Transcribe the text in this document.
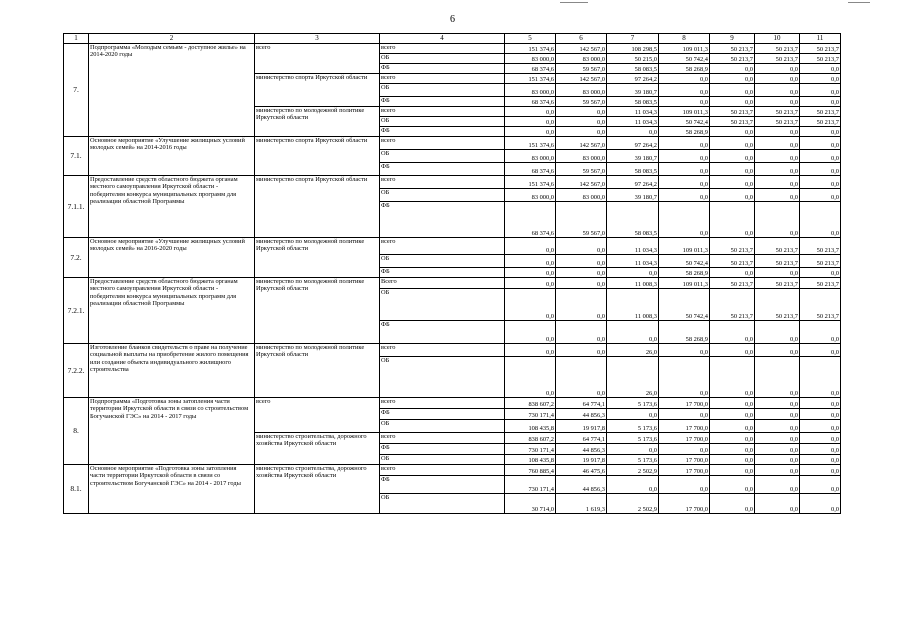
6
1	2	3	4	5	6	7	8	9	10	11
7.	Подпрограмма «Молодым семьям - доступное жилье» на 2014-2020 годы	всего	всего	151 374,6	142 567,0	108 298,5	109 011,3	50 213,7	50 213,7	50 213,7
			ОБ	83 000,0	83 000,0	50 215,0	50 742,4	50 213,7	50 213,7	50 213,7
			ФБ	68 374,6	59 567,0	58 083,5	58 268,9	0,0	0,0	0,0
		министерство спорта Иркутской области	всего	151 374,6	142 567,0	97 264,2	0,0	0,0	0,0	0,0
			ОБ	83 000,0	83 000,0	39 180,7	0,0	0,0	0,0	0,0
			ФБ	68 374,6	59 567,0	58 083,5	0,0	0,0	0,0	0,0
		министерство по молодежной политике Иркутской области	всего	0,0	0,0	11 034,3	109 011,3	50 213,7	50 213,7	50 213,7
			ОБ	0,0	0,0	11 034,3	50 742,4	50 213,7	50 213,7	50 213,7
			ФБ	0,0	0,0	0,0	58 268,9	0,0	0,0	0,0
7.1.	Основное мероприятие «Улучшение жилищных условий молодых семей» на 2014-2016 годы	министерство спорта Иркутской области	всего	151 374,6	142 567,0	97 264,2	0,0	0,0	0,0	0,0
			ОБ	83 000,0	83 000,0	39 180,7	0,0	0,0	0,0	0,0
			ФБ	68 374,6	59 567,0	58 083,5	0,0	0,0	0,0	0,0
7.1.1.	Предоставление средств областного бюджета органам местного самоуправления Иркутской области - победителям конкурса муниципальных программ для реализации областной Программы	министерство спорта Иркутской области	всего	151 374,6	142 567,0	97 264,2	0,0	0,0	0,0	0,0
			ОБ	83 000,0	83 000,0	39 180,7	0,0	0,0	0,0	0,0
			ФБ	68 374,6	59 567,0	58 083,5	0,0	0,0	0,0	0,0
7.2.	Основное мероприятие «Улучшение жилищных условий молодых семей» на 2016-2020 годы	министерство по молодежной политике Иркутской области	всего	0,0	0,0	11 034,3	109 011,3	50 213,7	50 213,7	50 213,7
			ОБ	0,0	0,0	11 034,3	50 742,4	50 213,7	50 213,7	50 213,7
			ФБ	0,0	0,0	0,0	58 268,9	0,0	0,0	0,0
7.2.1.	Предоставление средств областного бюджета органам местного самоуправления Иркутской области - победителям конкурса муниципальных программ для реализации областной Программы	министерство по молодежной политике Иркутской области	Всего	0,0	0,0	11 008,3	109 011,3	50 213,7	50 213,7	50 213,7
			ОБ	0,0	0,0	11 008,3	50 742,4	50 213,7	50 213,7	50 213,7
			ФБ	0,0	0,0	0,0	58 268,9	0,0	0,0	0,0
7.2.2.	Изготовление бланков свидетельств о праве на получение социальной выплаты на приобретение жилого помещения или создание объекта индивидуального жилищного строительства	министерство по молодежной политике Иркутской области	всего	0,0	0,0	26,0	0,0	0,0	0,0	0,0
			ОБ	0,0	0,0	26,0	0,0	0,0	0,0	0,0
8.	Подпрограмма «Подготовка зоны затопления части территории Иркутской области в связи со строительством Богучанской ГЭС» на 2014 - 2017 годы	всего	всего	838 607,2	64 774,1	5 173,6	17 700,0	0,0	0,0	0,0
			ФБ	730 171,4	44 856,3	0,0	0,0	0,0	0,0	0,0
			ОБ	108 435,8	19 917,8	5 173,6	17 700,0	0,0	0,0	0,0
		министерство строительства, дорожного хозяйства Иркутской области	всего	838 607,2	64 774,1	5 173,6	17 700,0	0,0	0,0	0,0
			ФБ	730 171,4	44 856,3	0,0	0,0	0,0	0,0	0,0
			ОБ	108 435,8	19 917,8	5 173,6	17 700,0	0,0	0,0	0,0
8.1.	Основное мероприятие «Подготовка зоны затопления части территории Иркутской области в связи со строительством Богучанской ГЭС» на 2014 - 2017 годы	министерство строительства, дорожного хозяйства Иркутской области	всего	760 885,4	46 475,6	2 502,9	17 700,0	0,0	0,0	0,0
			ФБ	730 171,4	44 856,3	0,0	0,0	0,0	0,0	0,0
			ОБ	30 714,0	1 619,3	2 502,9	17 700,0	0,0	0,0	0,0
